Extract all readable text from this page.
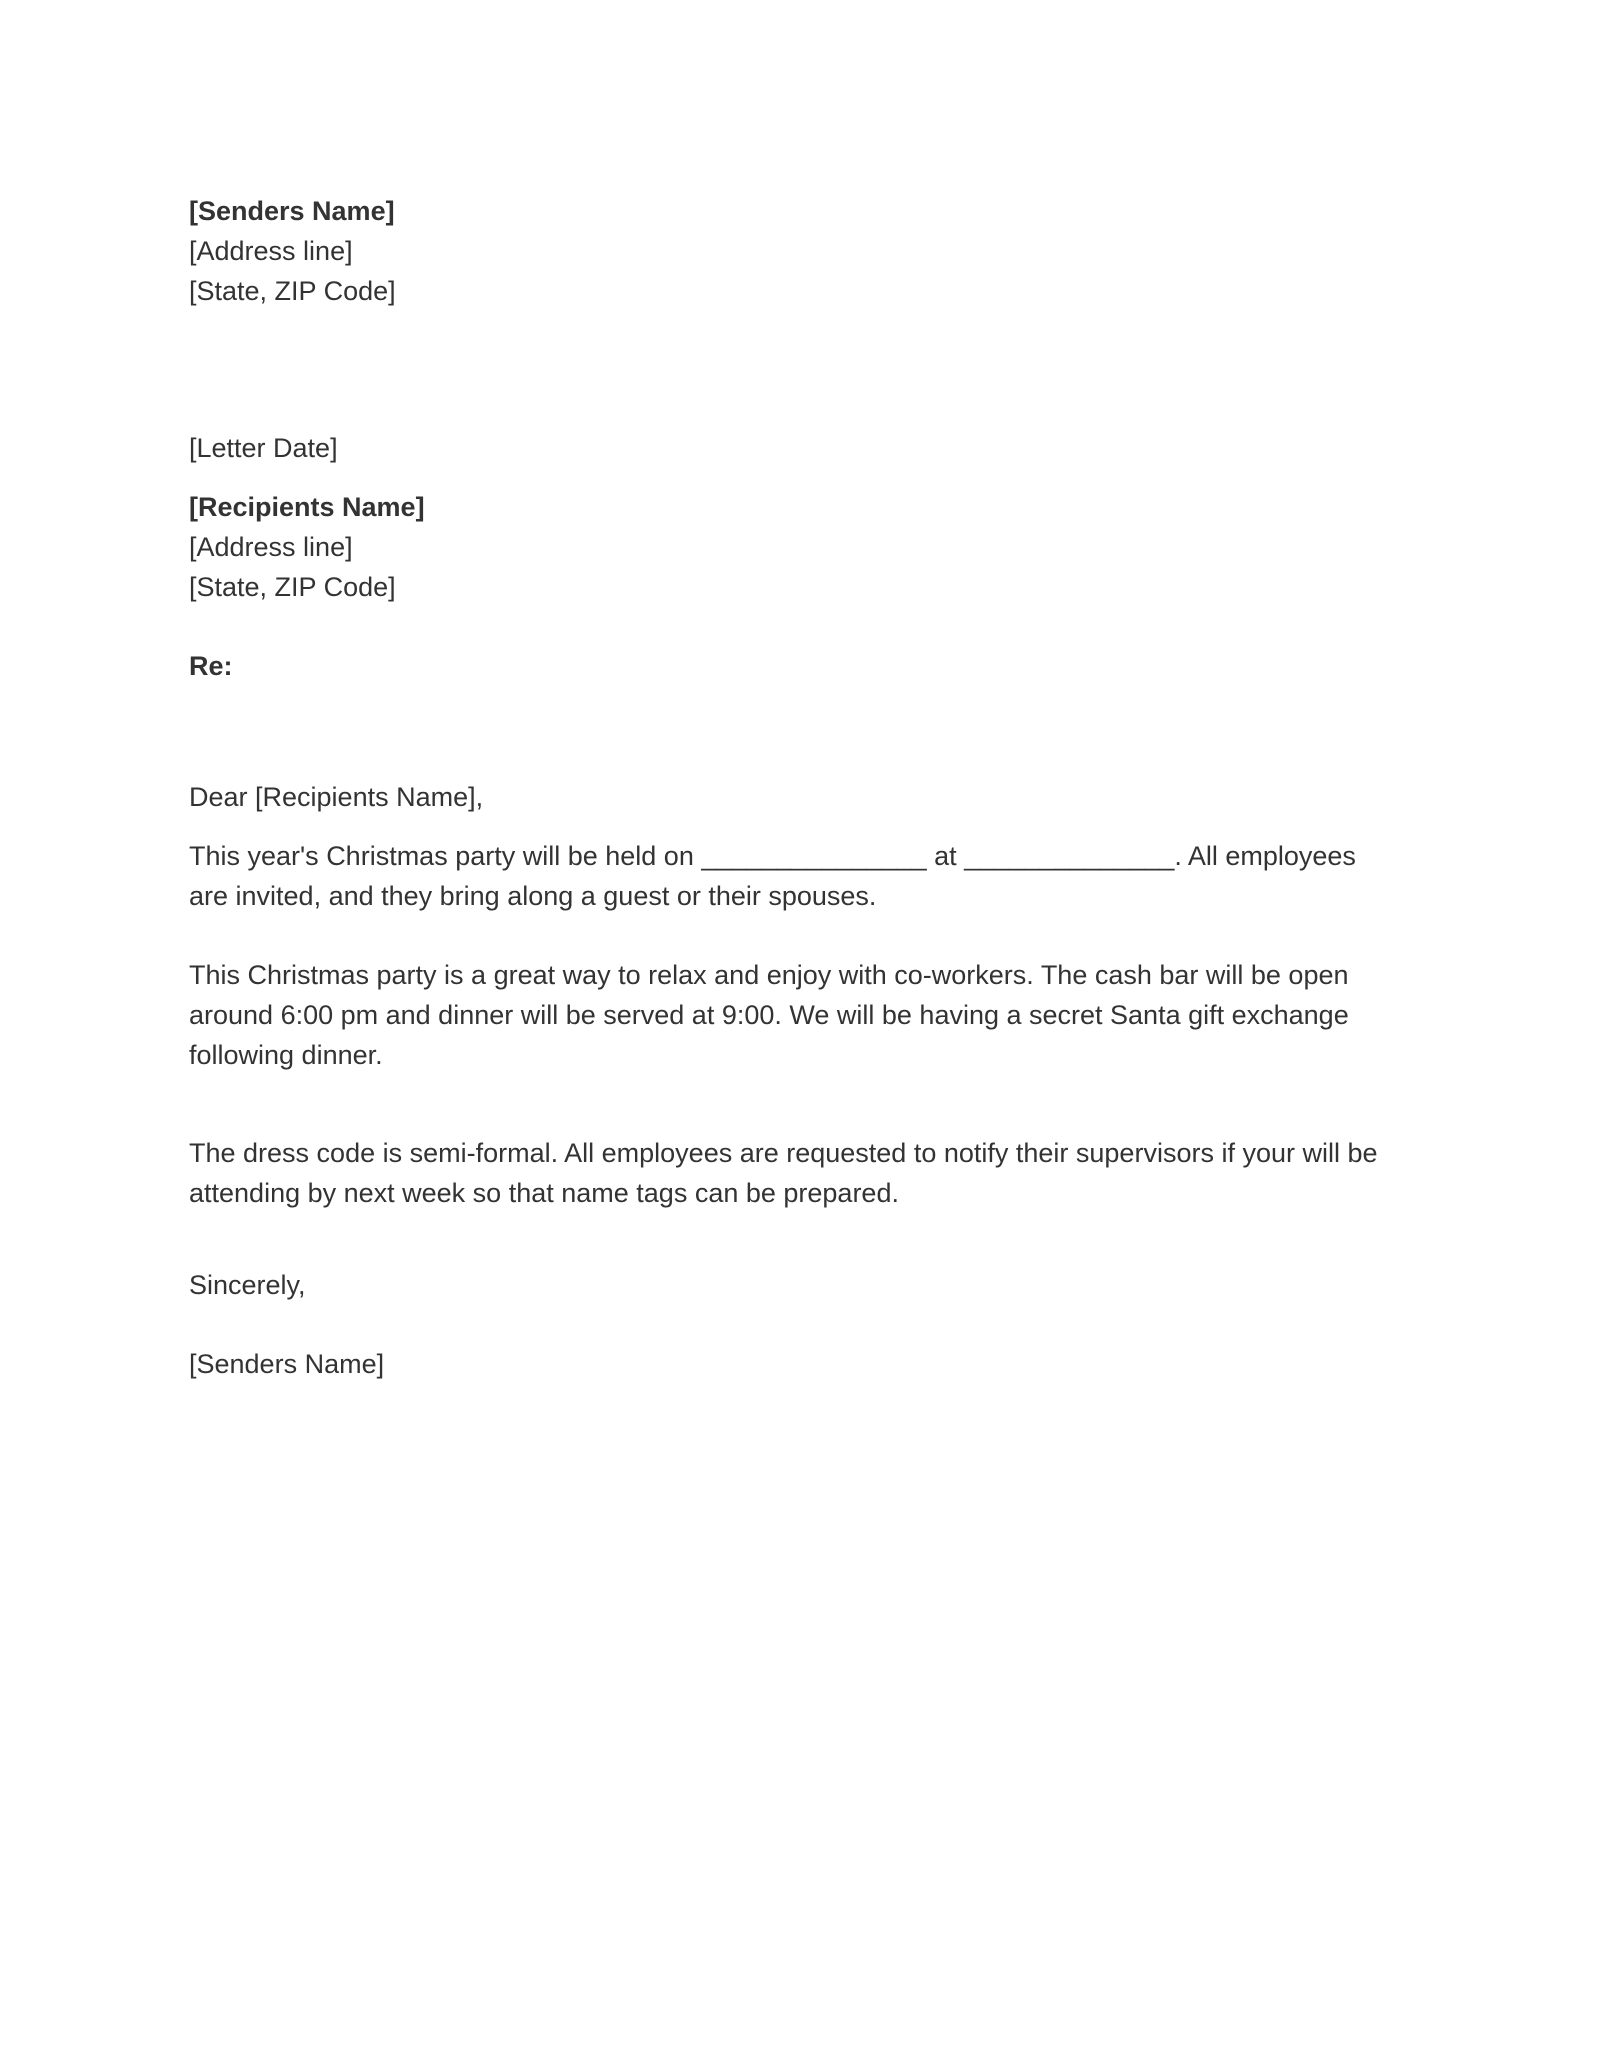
[Senders Name]
[Address line]
[State, ZIP Code]
[Letter Date]
[Recipients Name]
[Address line]
[State, ZIP Code]
Re:
Dear [Recipients Name],
This year's Christmas party will be held on _______________ at ______________. All employees
are invited, and they bring along a guest or their spouses.
This Christmas party is a great way to relax and enjoy with co-workers. The cash bar will be open
around 6:00 pm and dinner will be served at 9:00. We will be having a secret Santa gift exchange
following dinner.
The dress code is semi-formal. All employees are requested to notify their supervisors if your will be
attending by next week so that name tags can be prepared.
Sincerely,
[Senders Name]
